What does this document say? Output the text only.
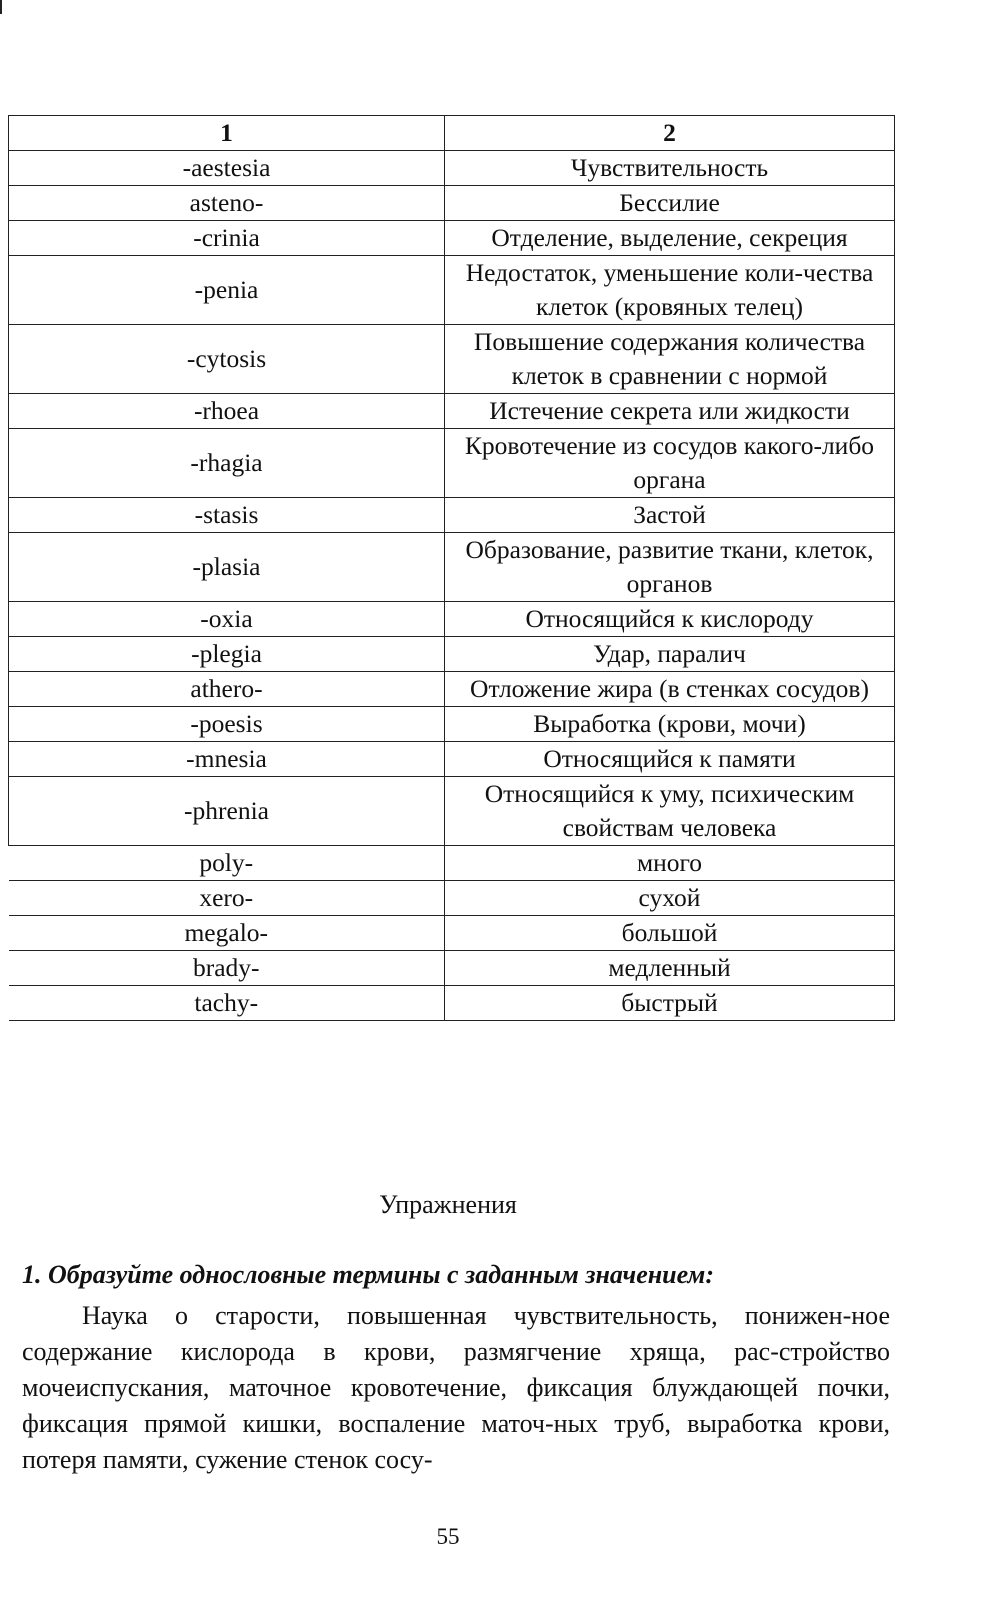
1	2
-aestesia	Чувствительность
asteno-	Бессилие
-crinia	Отделение, выделение, секреция
-penia	Недостаток, уменьшение коли-чества клеток (кровяных телец)
-cytosis	Повышение содержания количества клеток в сравнении с нормой
-rhoea	Истечение секрета или жидкости
-rhagia	Кровотечение из сосудов какого-либо органа
-stasis	Застой
-plasia	Образование, развитие ткани, клеток, органов
-oxia	Относящийся к кислороду
-plegia	Удар, паралич
athero-	Отложение жира (в стенках сосудов)
-poesis	Выработка (крови, мочи)
-mnesia	Относящийся к памяти
-phrenia	Относящийся к уму, психическим свойствам человека
poly-	много
xero-	сухой
megalo-	большой
brady-	медленный
tachy-	быстрый
Упражнения
1. Образуйте однословные термины с заданным значением:
Наука о старости, повышенная чувствительность, понижен-ное содержание кислорода в крови, размягчение хряща, рас-стройство мочеиспускания, маточное кровотечение, фиксация блуждающей почки, фиксация прямой кишки, воспаление маточ-ных труб, выработка крови, потеря памяти, сужение стенок сосу-
55
